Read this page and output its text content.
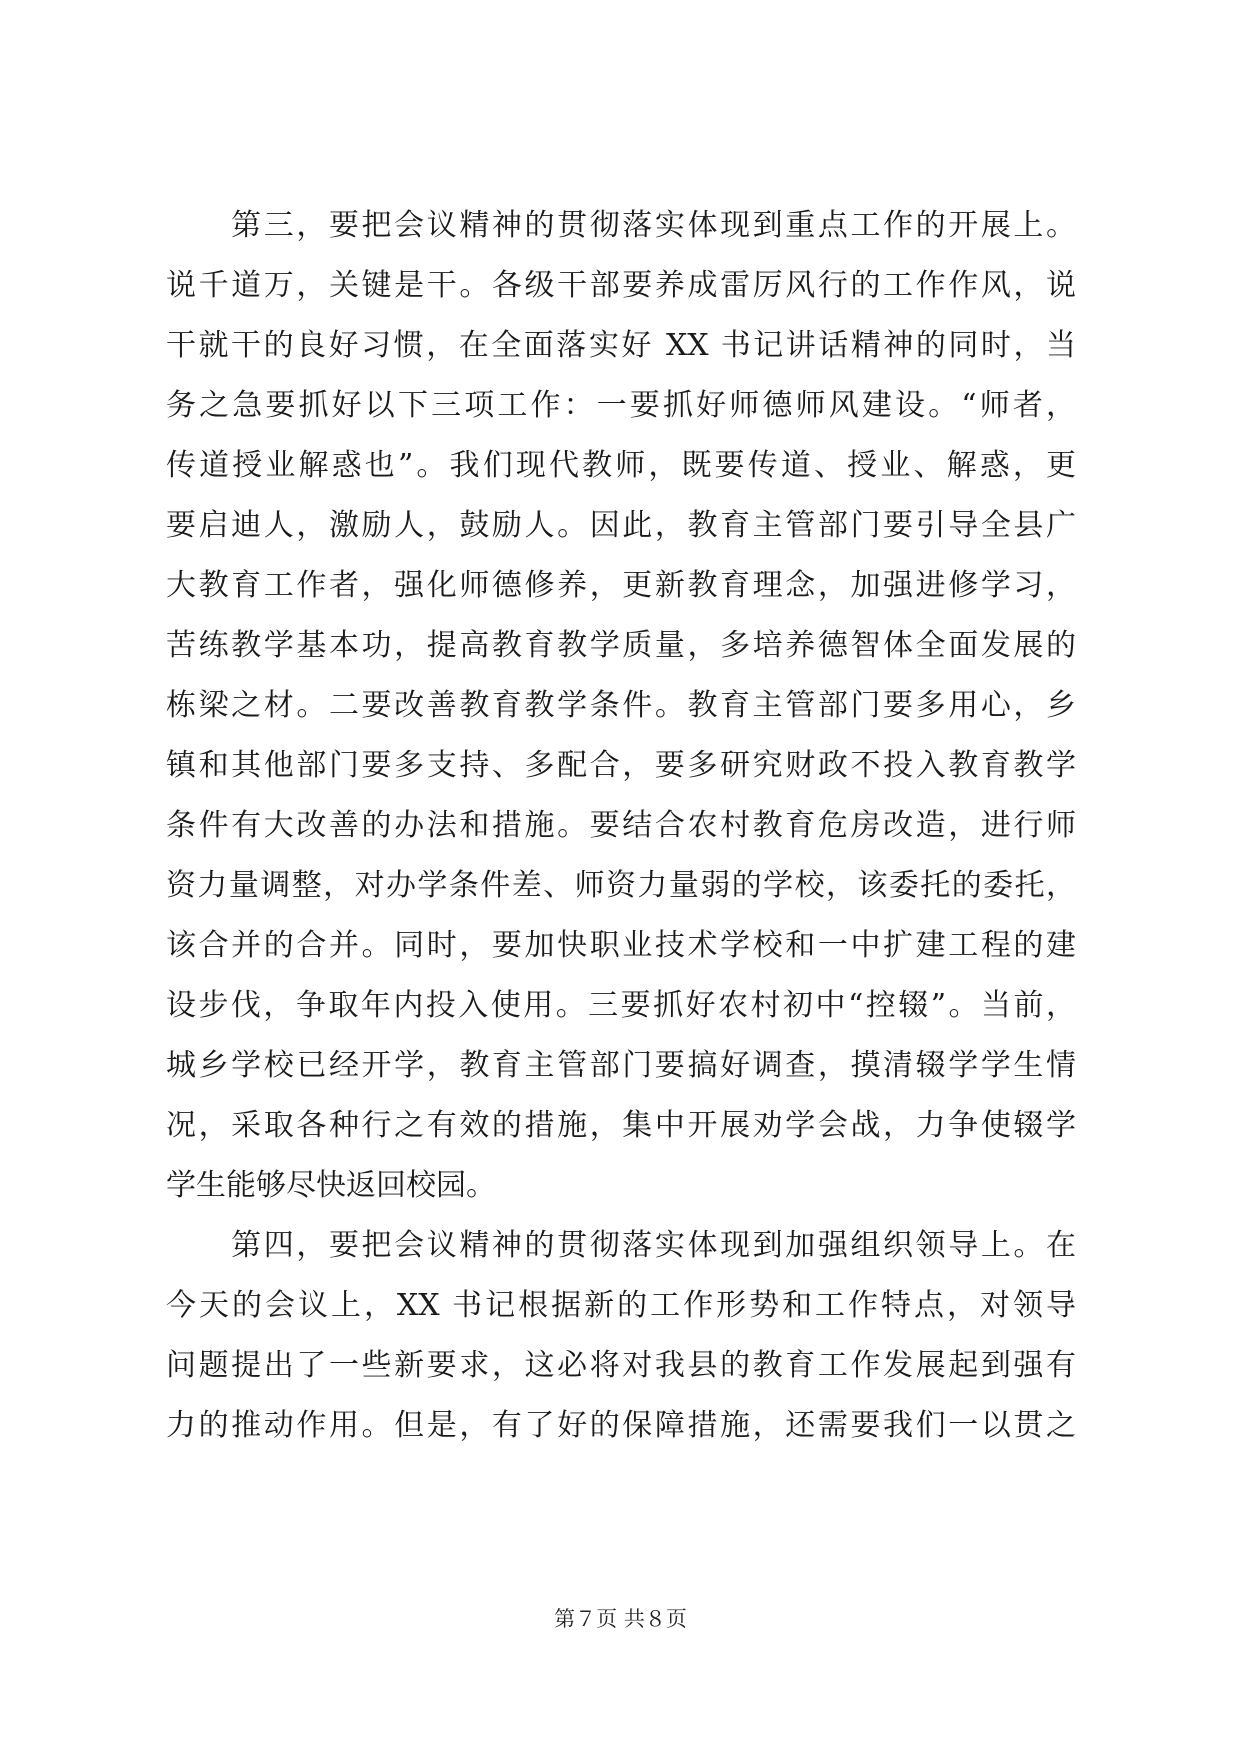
　　第三，要把会议精神的贯彻落实体现到重点工作的开展上。
说千道万，关键是干。各级干部要养成雷厉风行的工作作风，说
干就干的良好习惯，在全面落实好 XX 书记讲话精神的同时，当
务之急要抓好以下三项工作：一要抓好师德师风建设。“师者，
传道授业解惑也”。我们现代教师，既要传道、授业、解惑，更
要启迪人，激励人，鼓励人。因此，教育主管部门要引导全县广
大教育工作者，强化师德修养，更新教育理念，加强进修学习，
苦练教学基本功，提高教育教学质量，多培养德智体全面发展的
栋梁之材。二要改善教育教学条件。教育主管部门要多用心，乡
镇和其他部门要多支持、多配合，要多研究财政不投入教育教学
条件有大改善的办法和措施。要结合农村教育危房改造，进行师
资力量调整，对办学条件差、师资力量弱的学校，该委托的委托，
该合并的合并。同时，要加快职业技术学校和一中扩建工程的建
设步伐，争取年内投入使用。三要抓好农村初中“控辍”。当前，
城乡学校已经开学，教育主管部门要搞好调查，摸清辍学学生情
况，采取各种行之有效的措施，集中开展劝学会战，力争使辍学
学生能够尽快返回校园。
　　第四，要把会议精神的贯彻落实体现到加强组织领导上。在
今天的会议上，XX 书记根据新的工作形势和工作特点，对领导
问题提出了一些新要求，这必将对我县的教育工作发展起到强有
力的推动作用。但是，有了好的保障措施，还需要我们一以贯之
第７页 共８页
